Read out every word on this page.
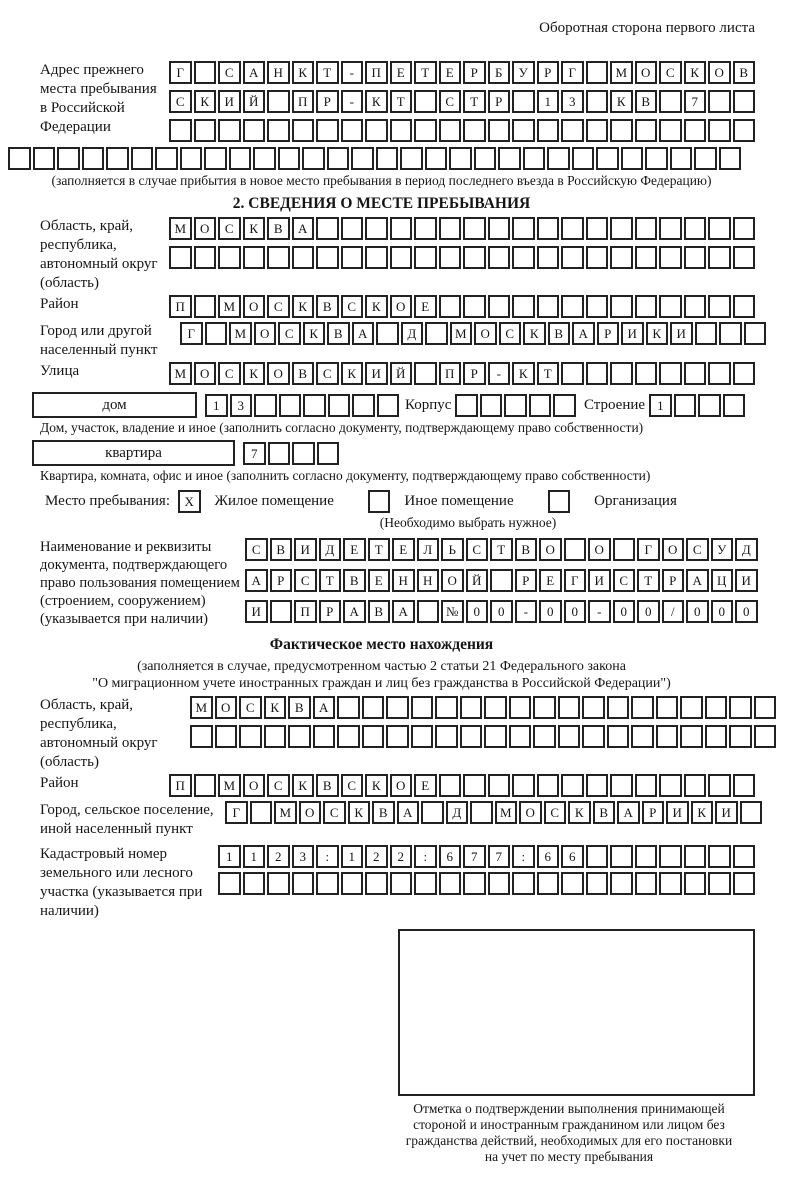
Оборотная сторона первого листа
Адрес прежнего места пребывания в Российской Федерации
Г	С	А	Н	К	Т	-	П	Е	Т	Е	Р	Б	У	Р	Г	М	О	С	К	О	В
С	К	И	Й	П	Р	-	К	Т	С	Т	Р	1	3	К	В	7
(заполняется в случае прибытия в новое место пребывания в период последнего въезда в Российскую Федерацию)
2. СВЕДЕНИЯ О МЕСТЕ ПРЕБЫВАНИЯ
Область, край, республика, автономный округ (область)
М	О	С	К	В	А
Район	П	М	О	С	К	В	С	К	О	Е
Город или другой населенный пункт
Г	М	О	С	К	В	А	Д	М	О	С	К	В	А	Р	И	К	И
Улица	М	О	С	К	О	В	С	К	И	Й	П	Р	-	К	Т
дом	1	3	Корпус	Строение 1
Дом, участок, владение и иное (заполнить согласно документу, подтверждающему право собственности)
квартира	7
Квартира, комната, офис и иное (заполнить согласно документу, подтверждающему право собственности)
Место пребывания:	X	Жилое помещение	Иное помещение	Организация
(Необходимо выбрать нужное)
Наименование и реквизиты документа, подтверждающего право пользования помещением (строением, сооружением) (указывается при наличии)
С	В	И	Д	Е	Т	Е	Л	Ь	С	Т	В	О	О	Г	О	С	У	Д
А	Р	С	Т	В	Е	Н	Н	О	Й	Р	Е	Г	И	С	Т	Р	А	Ц	И
И	П	Р	А	В	А	№	0	0	-	0	0	-	0	0	/	0	0	0
Фактическое место нахождения
(заполняется в случае, предусмотренном частью 2 статьи 21 Федерального закона
"О миграционном учете иностранных граждан и лиц без гражданства в Российской Федерации")
Область, край, республика, автономный округ (область)
М	О	С	К	В	А
Район	П	М	О	С	К	В	С	К	О	Е
Город, сельское поселение, иной населенный пункт
Г	М	О	С	К	В	А	Д	М	О	С	К	В	А	Р	И	К	И
Кадастровый номер земельного или лесного участка (указывается при наличии)
1	1	2	3	:	1	2	2	:	6	7	7	:	6	6
Отметка о подтверждении выполнения принимающей
стороной и иностранным гражданином или лицом без
гражданства действий, необходимых для его постановки
на учет по месту пребывания
